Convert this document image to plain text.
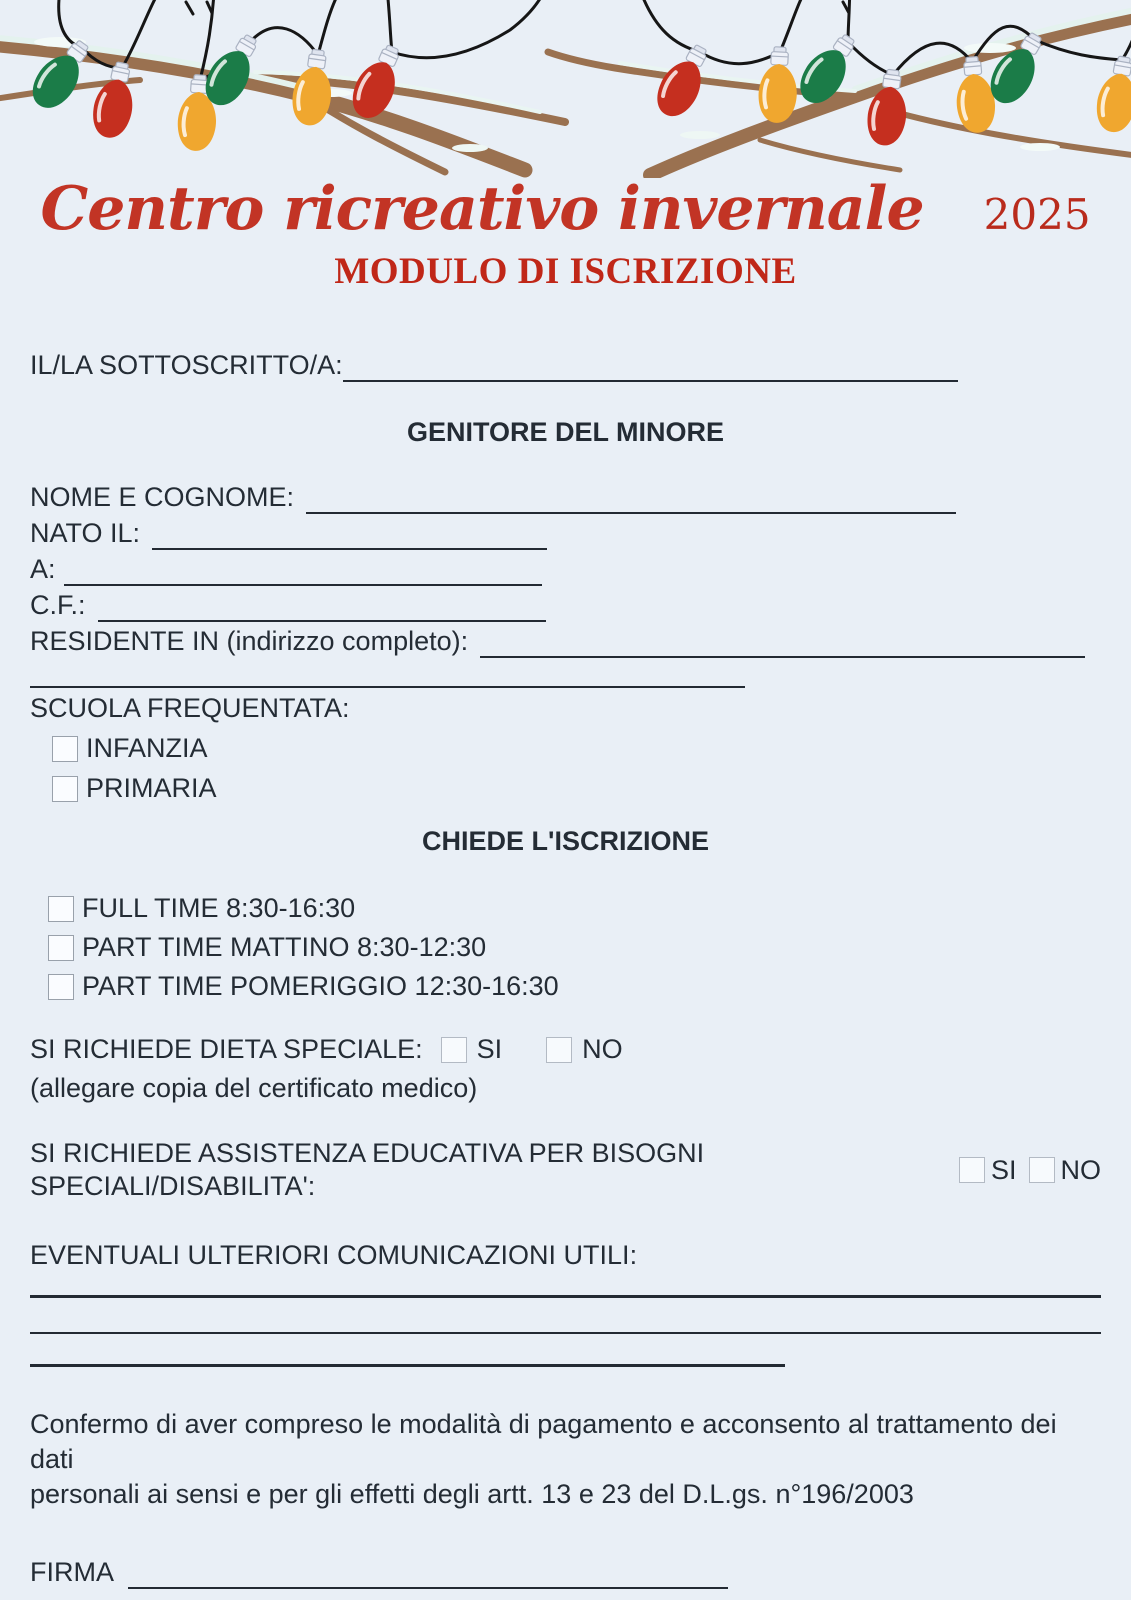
Centro ricreativo invernale 2025
MODULO DI ISCRIZIONE
IL/LA SOTTOSCRITTO/A:
GENITORE DEL MINORE
NOME E COGNOME:
NATO IL:
A:
C.F.:
RESIDENTE IN (indirizzo completo):
SCUOLA FREQUENTATA:
INFANZIA
PRIMARIA
CHIEDE L'ISCRIZIONE
FULL TIME 8:30-16:30
PART TIME MATTINO 8:30-12:30
PART TIME POMERIGGIO 12:30-16:30
SI RICHIEDE DIETA SPECIALE: SI	NO
(allegare copia del certificato medico)
SI RICHIEDE ASSISTENZA EDUCATIVA PER BISOGNI SPECIALI/DISABILITA':
SI NO
EVENTUALI ULTERIORI COMUNICAZIONI UTILI:
Confermo di aver compreso le modalità di pagamento e acconsento al trattamento dei dati
personali ai sensi e per gli effetti degli artt. 13 e 23 del D.L.gs. n°196/2003
FIRMA
